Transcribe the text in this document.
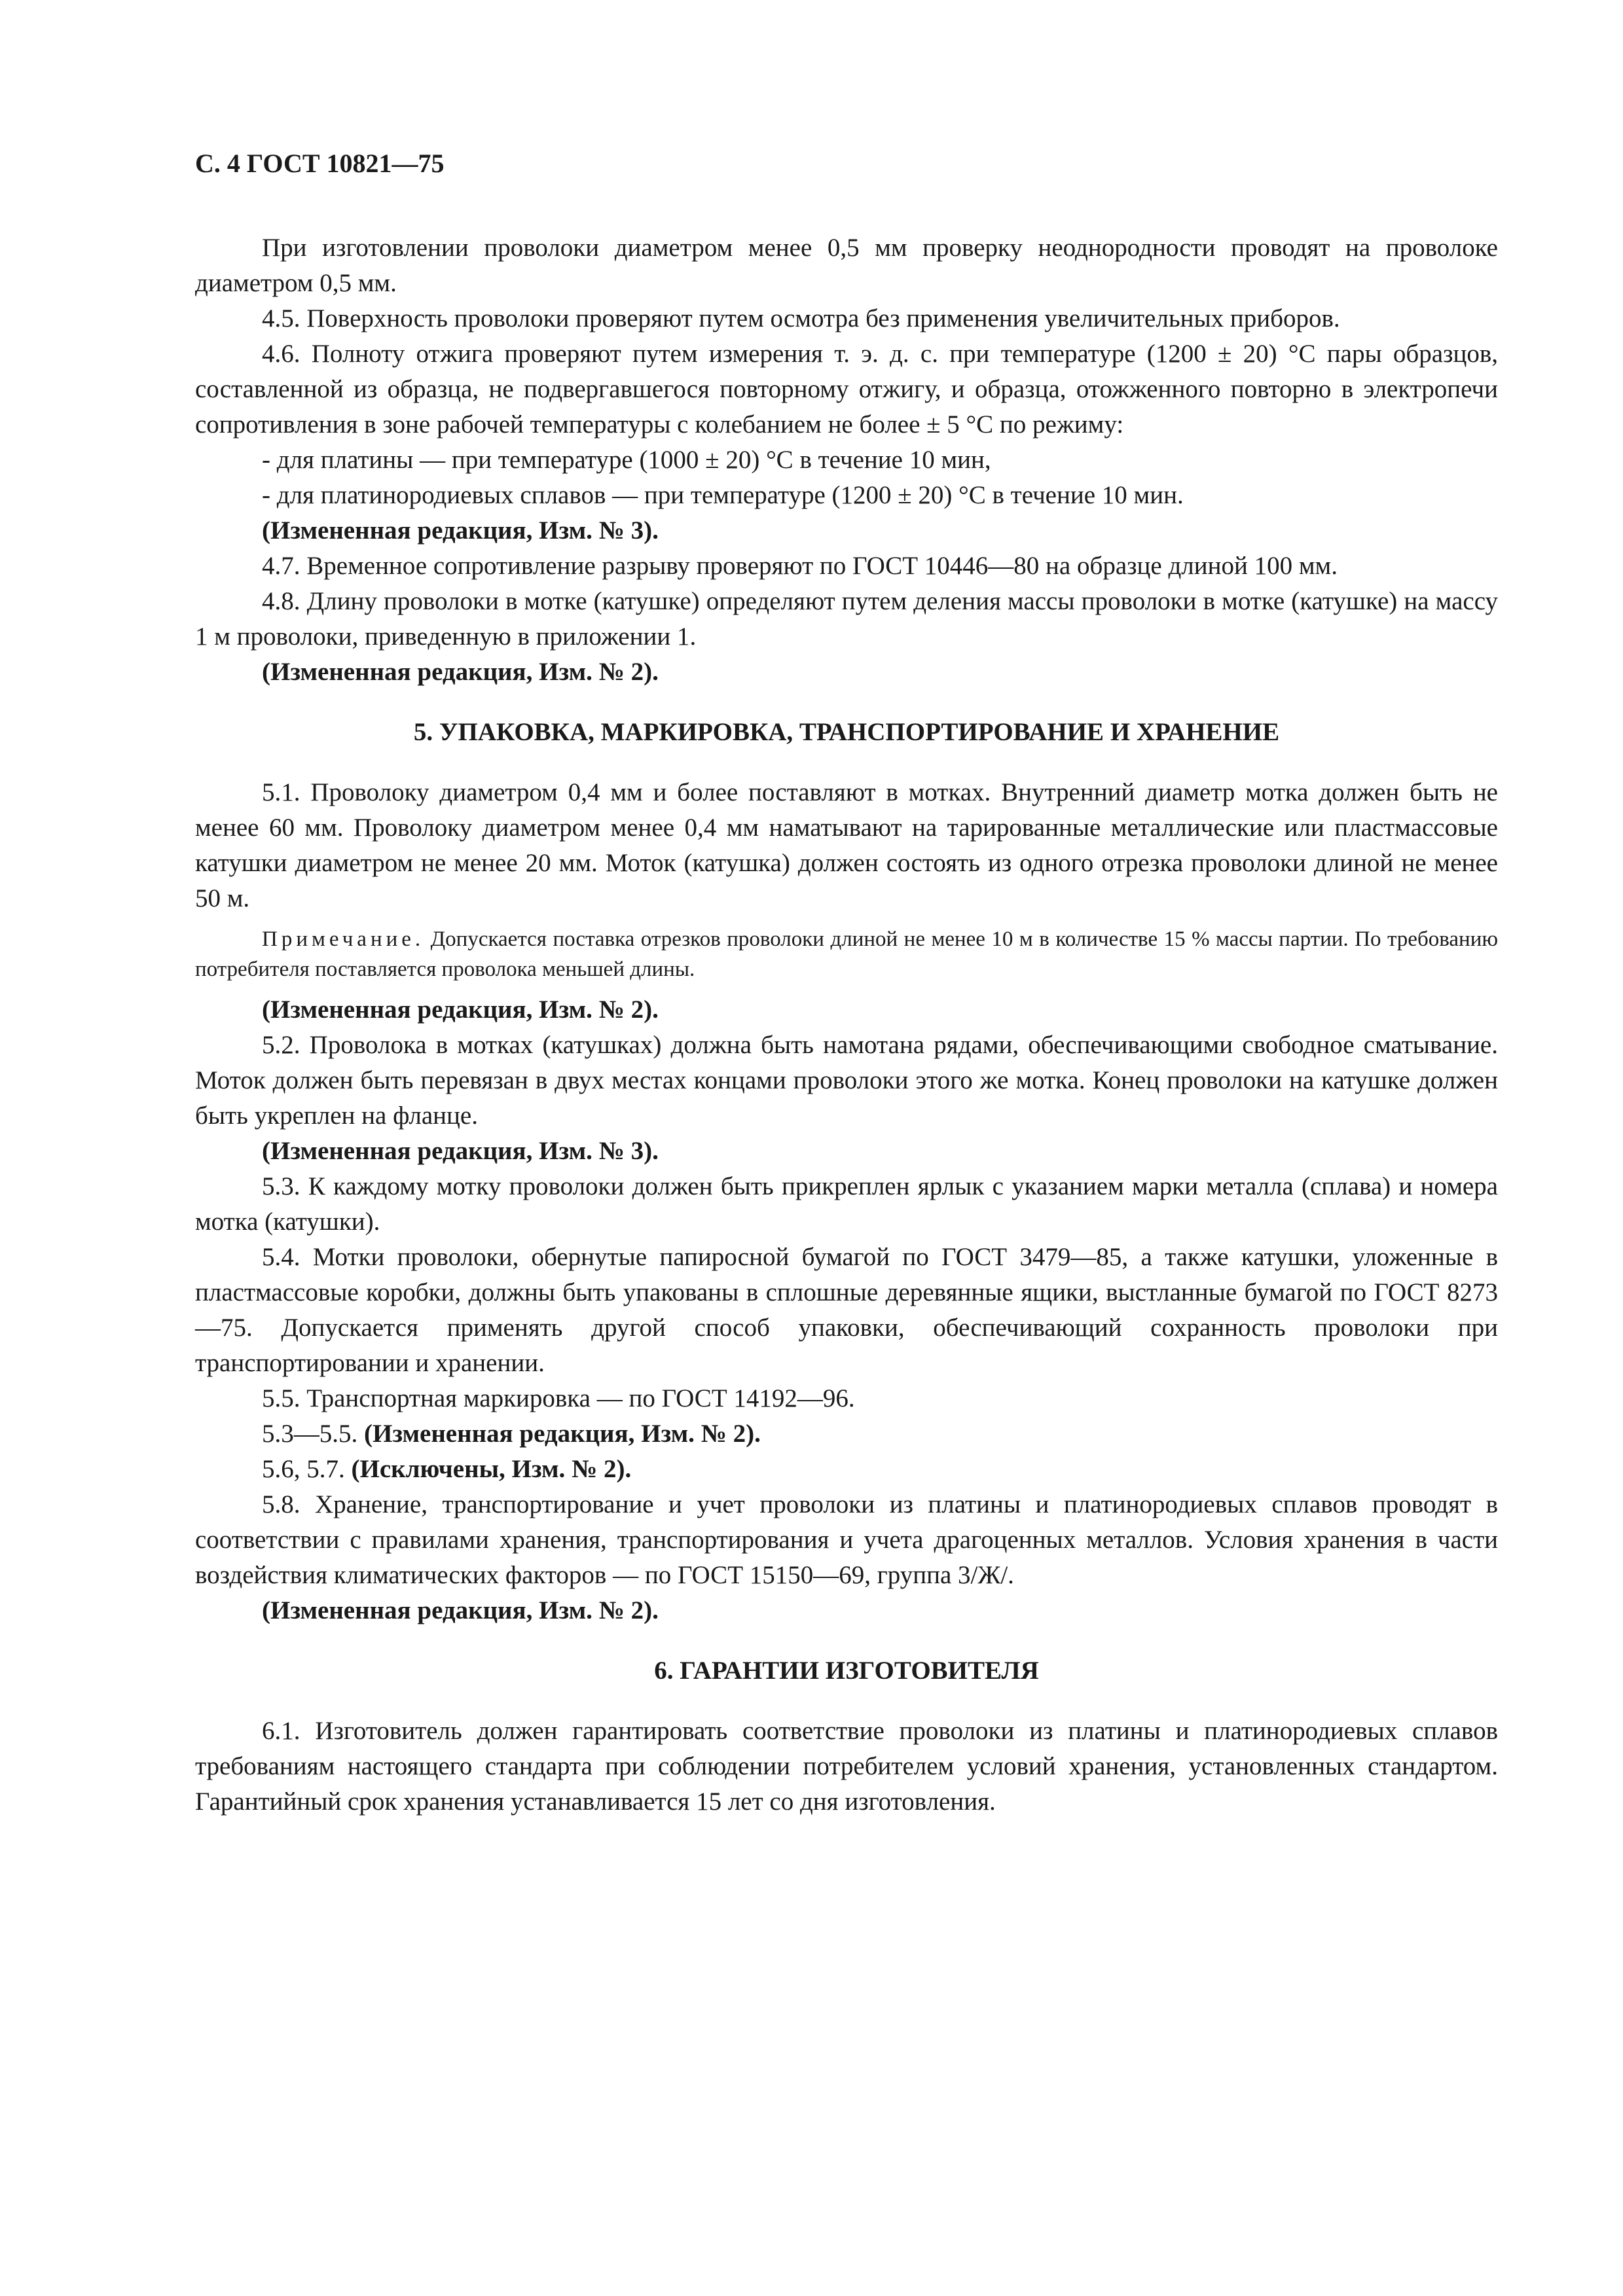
С. 4 ГОСТ 10821—75

При изготовлении проволоки диаметром менее 0,5 мм проверку неоднородности проводят на проволоке диаметром 0,5 мм.

4.5. Поверхность проволоки проверяют путем осмотра без применения увеличительных приборов.

4.6. Полноту отжига проверяют путем измерения т. э. д. с. при температуре (1200 ± 20) °С пары образцов, составленной из образца, не подвергавшегося повторному отжигу, и образца, отожженного повторно в электропечи сопротивления в зоне рабочей температуры с колебанием не более ± 5 °С по режиму:

- для платины — при температуре (1000 ± 20) °С в течение 10 мин,

- для платинородиевых сплавов — при температуре (1200 ± 20) °С в течение 10 мин.

(Измененная редакция, Изм. № 3).

4.7. Временное сопротивление разрыву проверяют по ГОСТ 10446—80 на образце длиной 100 мм.

4.8. Длину проволоки в мотке (катушке) определяют путем деления массы проволоки в мотке (катушке) на массу 1 м проволоки, приведенную в приложении 1.

(Измененная редакция, Изм. № 2).

5. УПАКОВКА, МАРКИРОВКА, ТРАНСПОРТИРОВАНИЕ И ХРАНЕНИЕ

5.1. Проволоку диаметром 0,4 мм и более поставляют в мотках. Внутренний диаметр мотка должен быть не менее 60 мм. Проволоку диаметром менее 0,4 мм наматывают на тарированные металлические или пластмассовые катушки диаметром не менее 20 мм. Моток (катушка) должен состоять из одного отрезка проволоки длиной не менее 50 м.

Примечание. Допускается поставка отрезков проволоки длиной не менее 10 м в количестве 15 % массы партии. По требованию потребителя поставляется проволока меньшей длины.

(Измененная редакция, Изм. № 2).

5.2. Проволока в мотках (катушках) должна быть намотана рядами, обеспечивающими свободное сматывание. Моток должен быть перевязан в двух местах концами проволоки этого же мотка. Конец проволоки на катушке должен быть укреплен на фланце.

(Измененная редакция, Изм. № 3).

5.3. К каждому мотку проволоки должен быть прикреплен ярлык с указанием марки металла (сплава) и номера мотка (катушки).

5.4. Мотки проволоки, обернутые папиросной бумагой по ГОСТ 3479—85, а также катушки, уложенные в пластмассовые коробки, должны быть упакованы в сплошные деревянные ящики, выстланные бумагой по ГОСТ 8273—75. Допускается применять другой способ упаковки, обеспечивающий сохранность проволоки при транспортировании и хранении.

5.5. Транспортная маркировка — по ГОСТ 14192—96.

5.3—5.5. (Измененная редакция, Изм. № 2).

5.6, 5.7. (Исключены, Изм. № 2).

5.8. Хранение, транспортирование и учет проволоки из платины и платинородиевых сплавов проводят в соответствии с правилами хранения, транспортирования и учета драгоценных металлов. Условия хранения в части воздействия климатических факторов — по ГОСТ 15150—69, группа 3/Ж/.

(Измененная редакция, Изм. № 2).

6. ГАРАНТИИ ИЗГОТОВИТЕЛЯ

6.1. Изготовитель должен гарантировать соответствие проволоки из платины и платинородиевых сплавов требованиям настоящего стандарта при соблюдении потребителем условий хранения, установленных стандартом. Гарантийный срок хранения устанавливается 15 лет со дня изготовления.
